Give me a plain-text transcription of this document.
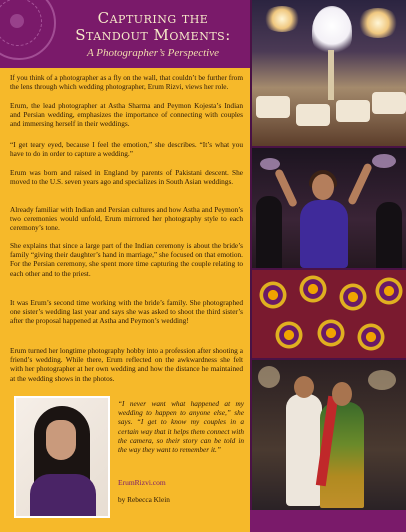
Capturing the
Standout Moments:
A Photographer’s Perspective

If you think of a photographer as a fly on the wall, that couldn’t be further from the lens through which wedding photographer, Erum Rizvi, views her role.

Erum, the lead photographer at Astha Sharma and Peymon Kojesta’s Indian and Persian wedding, emphasizes the importance of connecting with couples and immersing herself in their weddings.

“I get teary eyed, because I feel the emotion,” she describes. “It’s what you have to do in order to capture a wedding.”

Erum was born and raised in England by parents of Pakistani descent. She moved to the U.S. seven years ago and specializes in South Asian weddings.

Already familiar with Indian and Persian cultures and how Astha and Peymon’s two ceremonies would unfold, Erum mirrored her photography style to each ceremony’s tone.

She explains that since a large part of the Indian ceremony is about the bride’s family “giving their daughter’s hand in marriage,” she focused on that emotion. For the Persian ceremony, she spent more time capturing the couple relating to each other and to the priest.

It was Erum’s second time working with the bride’s family. She photographed one sister’s wedding last year and says she was asked to shoot the third sister’s after the proposal happened at Astha and Peymon’s wedding!

Erum turned her longtime photography hobby into a profession after shooting a friend’s wedding. While there, Erum reflected on the awkwardness she felt with her photographer at her own wedding and how the distance he maintained at the wedding shows in the photos.

“I never want what happened at my wedding to happen to anyone else,” she says. “I get to know my couples in a certain way that it helps them connect with the camera, so their story can be told in the way they want to remember it.”

ErumRizvi.com
by Rebecca Klein
